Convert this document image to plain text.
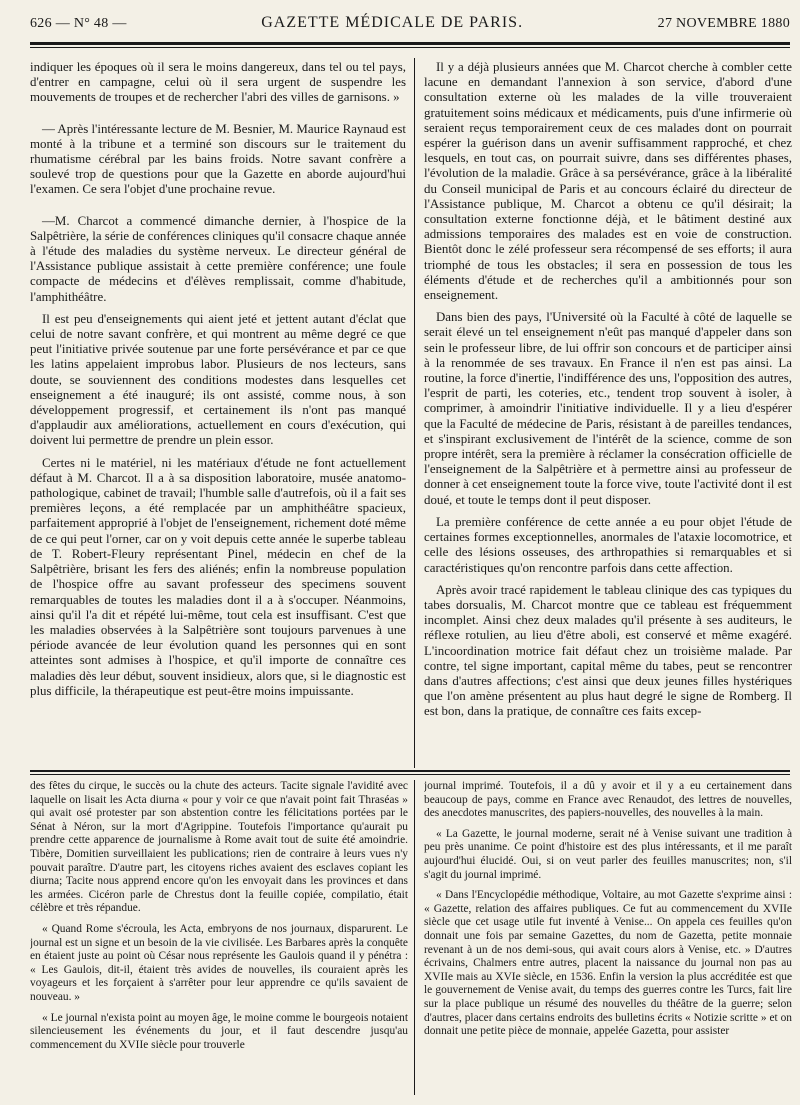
626 — N° 48 —	GAZETTE MÉDICALE DE PARIS.	27 NOVEMBRE 1880

indiquer les époques où il sera le moins dangereux, dans tel ou tel pays, d'entrer en campagne, celui où il sera urgent de suspendre les mouvements de troupes et de rechercher l'abri des villes de garnisons. »

— Après l'intéressante lecture de M. Besnier, M. Maurice Raynaud est monté à la tribune et a terminé son discours sur le traitement du rhumatisme cérébral par les bains froids. Notre savant confrère a soulevé trop de questions pour que la Gazette en aborde aujourd'hui l'examen. Ce sera l'objet d'une prochaine revue.

—M. Charcot a commencé dimanche dernier, à l'hospice de la Salpêtrière, la série de conférences cliniques qu'il consacre chaque année à l'étude des maladies du système nerveux. Le directeur général de l'Assistance publique assistait à cette première conférence; une foule compacte de médecins et d'élèves remplissait, comme d'habitude, l'amphithéâtre.

Il est peu d'enseignements qui aient jeté et jettent autant d'éclat que celui de notre savant confrère, et qui montrent au même degré ce que peut l'initiative privée soutenue par une forte persévérance et par ce que les latins appelaient improbus labor. Plusieurs de nos lecteurs, sans doute, se souviennent des conditions modestes dans lesquelles cet enseignement a été inauguré; ils ont assisté, comme nous, à son développement progressif, et certainement ils n'ont pas manqué d'applaudir aux améliorations, actuellement en cours d'exécution, qui doivent lui permettre de prendre un plein essor.

Certes ni le matériel, ni les matériaux d'étude ne font actuellement défaut à M. Charcot. Il a à sa disposition laboratoire, musée anatomo-pathologique, cabinet de travail; l'humble salle d'autrefois, où il a fait ses premières leçons, a été remplacée par un amphithéâtre spacieux, parfaitement approprié à l'objet de l'enseignement, richement doté même de ce qui peut l'orner, car on y voit depuis cette année le superbe tableau de T. Robert-Fleury représentant Pinel, médecin en chef de la Salpêtrière, brisant les fers des aliénés; enfin la nombreuse population de l'hospice offre au savant professeur des specimens souvent remarquables de toutes les maladies dont il a à s'occuper. Néanmoins, ainsi qu'il l'a dit et répété lui-même, tout cela est insuffisant. C'est que les maladies observées à la Salpêtrière sont toujours parvenues à une période avancée de leur évolution quand les personnes qui en sont atteintes sont admises à l'hospice, et qu'il importe de connaître ces maladies dès leur début, souvent insidieux, alors que, si le diagnostic est plus difficile, la thérapeutique est peut-être moins impuissante.

Il y a déjà plusieurs années que M. Charcot cherche à combler cette lacune en demandant l'annexion à son service, d'abord d'une consultation externe où les malades de la ville trouveraient gratuitement soins médicaux et médicaments, puis d'une infirmerie où seraient reçus temporairement ceux de ces malades dont on pourrait espérer la guérison dans un avenir suffisamment rapproché, et chez lesquels, en tout cas, on pourrait suivre, dans ses différentes phases, l'évolution de la maladie. Grâce à sa persévérance, grâce à la libéralité du Conseil municipal de Paris et au concours éclairé du directeur de l'Assistance publique, M. Charcot a obtenu ce qu'il désirait; la consultation externe fonctionne déjà, et le bâtiment destiné aux admissions temporaires des malades est en voie de construction. Bientôt donc le zélé professeur sera récompensé de ses efforts; il aura triomphé de tous les obstacles; il sera en possession de tous les éléments d'étude et de recherches qu'il a ambitionnés pour son enseignement.

Dans bien des pays, l'Université où la Faculté à côté de laquelle se serait élevé un tel enseignement n'eût pas manqué d'appeler dans son sein le professeur libre, de lui offrir son concours et de participer ainsi à la renommée de ses travaux. En France il n'en est pas ainsi. La routine, la force d'inertie, l'indifférence des uns, l'opposition des autres, l'esprit de parti, les coteries, etc., tendent trop souvent à isoler, à comprimer, à amoindrir l'initiative individuelle. Il y a lieu d'espérer que la Faculté de médecine de Paris, résistant à de pareilles tendances, et s'inspirant exclusivement de l'intérêt de la science, comme de son propre intérêt, sera la première à réclamer la consécration officielle de l'enseignement de la Salpêtrière et à permettre ainsi au professeur de donner à cet enseignement toute la force vive, toute l'activité dont il est doué, et toute le temps dont il peut disposer.

La première conférence de cette année a eu pour objet l'étude de certaines formes exceptionnelles, anormales de l'ataxie locomotrice, et celle des lésions osseuses, des arthropathies si remarquables et si caractéristiques qu'on rencontre parfois dans cette affection.

Après avoir tracé rapidement le tableau clinique des cas typiques du tabes dorsualis, M. Charcot montre que ce tableau est fréquemment incomplet. Ainsi chez deux malades qu'il présente à ses auditeurs, le réflexe rotulien, au lieu d'être aboli, est conservé et même exagéré. L'incoordination motrice fait défaut chez un troisième malade. Par contre, tel signe important, capital même du tabes, peut se rencontrer dans d'autres affections; c'est ainsi que deux jeunes filles hystériques que l'on amène présentent au plus haut degré le signe de Romberg. Il est bon, dans la pratique, de connaître ces faits excep-

des fêtes du cirque, le succès ou la chute des acteurs. Tacite signale l'avidité avec laquelle on lisait les Acta diurna « pour y voir ce que n'avait point fait Thraséas » qui avait osé protester par son abstention contre les félicitations portées par le Sénat à Néron, sur la mort d'Agrippine. Toutefois l'importance qu'aurait pu prendre cette apparence de journalisme à Rome avait tout de suite été amoindrie. Tibère, Domitien surveillaient les publications; rien de contraire à leurs vues n'y pouvait paraître. D'autre part, les citoyens riches avaient des esclaves copiant les diurna; Tacite nous apprend encore qu'on les envoyait dans les provinces et dans les armées. Cicéron parle de Chrestus dont la feuille copiée, compilatio, était célèbre et très répandue.

« Quand Rome s'écroula, les Acta, embryons de nos journaux, disparurent. Le journal est un signe et un besoin de la vie civilisée. Les Barbares après la conquête en étaient juste au point où César nous représente les Gaulois quand il y pénétra : « Les Gaulois, dit-il, étaient très avides de nouvelles, ils couraient après les voyageurs et les forçaient à s'arrêter pour leur apprendre ce qu'ils savaient de nouveau. »

« Le journal n'exista point au moyen âge, le moine comme le bourgeois notaient silencieusement les événements du jour, et il faut descendre jusqu'au commencement du XVIIe siècle pour trouverle

journal imprimé. Toutefois, il a dû y avoir et il y a eu certainement dans beaucoup de pays, comme en France avec Renaudot, des lettres de nouvelles, des anecdotes manuscrites, des papiers-nouvelles, des nouvelles à la main.

« La Gazette, le journal moderne, serait né à Venise suivant une tradition à peu près unanime. Ce point d'histoire est des plus intéressants, et il me paraît aujourd'hui élucidé. Oui, si on veut parler des feuilles manuscrites; non, s'il s'agit du journal imprimé.

« Dans l'Encyclopédie méthodique, Voltaire, au mot Gazette s'exprime ainsi : « Gazette, relation des affaires publiques. Ce fut au commencement du XVIIe siècle que cet usage utile fut inventé à Venise... On appela ces feuilles qu'on donnait une fois par semaine Gazettes, du nom de Gazetta, petite monnaie revenant à un de nos demi-sous, qui avait cours alors à Venise, etc. » D'autres écrivains, Chalmers entre autres, placent la naissance du journal non pas au XVIIe mais au XVIe siècle, en 1536. Enfin la version la plus accréditée est que le gouvernement de Venise avait, du temps des guerres contre les Turcs, fait lire sur la place publique un résumé des nouvelles du théâtre de la guerre; selon d'autres, placer dans certains endroits des bulletins écrits « Notizie scritte » et on donnait une petite pièce de monnaie, appelée Gazetta, pour assister
